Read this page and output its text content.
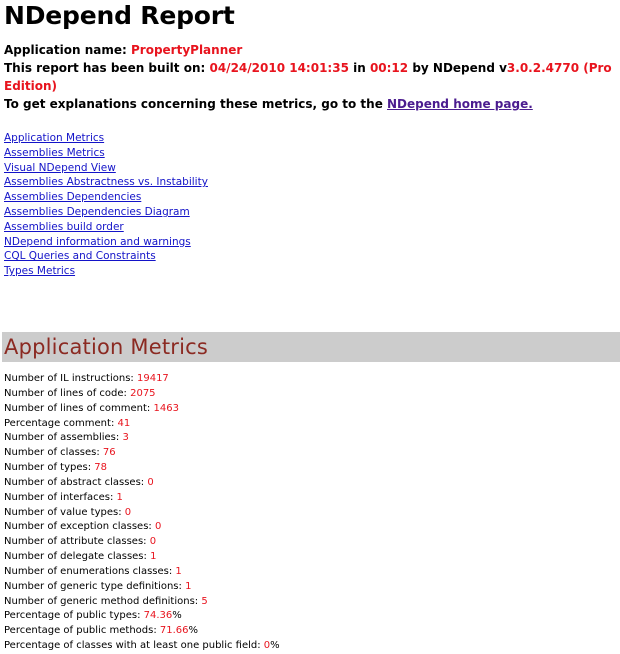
NDepend Report
Application name: PropertyPlanner
This report has been built on: 04/24/2010 14:01:35 in 00:12 by NDepend v3.0.2.4770 (Pro Edition)
To get explanations concerning these metrics, go to the NDepend home page.
Application Metrics
Assemblies Metrics
Visual NDepend View
Assemblies Abstractness vs. Instability
Assemblies Dependencies
Assemblies Dependencies Diagram
Assemblies build order
NDepend information and warnings
CQL Queries and Constraints
Types Metrics
Application Metrics
Number of IL instructions: 19417
Number of lines of code: 2075
Number of lines of comment: 1463
Percentage comment: 41
Number of assemblies: 3
Number of classes: 76
Number of types: 78
Number of abstract classes: 0
Number of interfaces: 1
Number of value types: 0
Number of exception classes: 0
Number of attribute classes: 0
Number of delegate classes: 1
Number of enumerations classes: 1
Number of generic type definitions: 1
Number of generic method definitions: 5
Percentage of public types: 74.36%
Percentage of public methods: 71.66%
Percentage of classes with at least one public field: 0%
